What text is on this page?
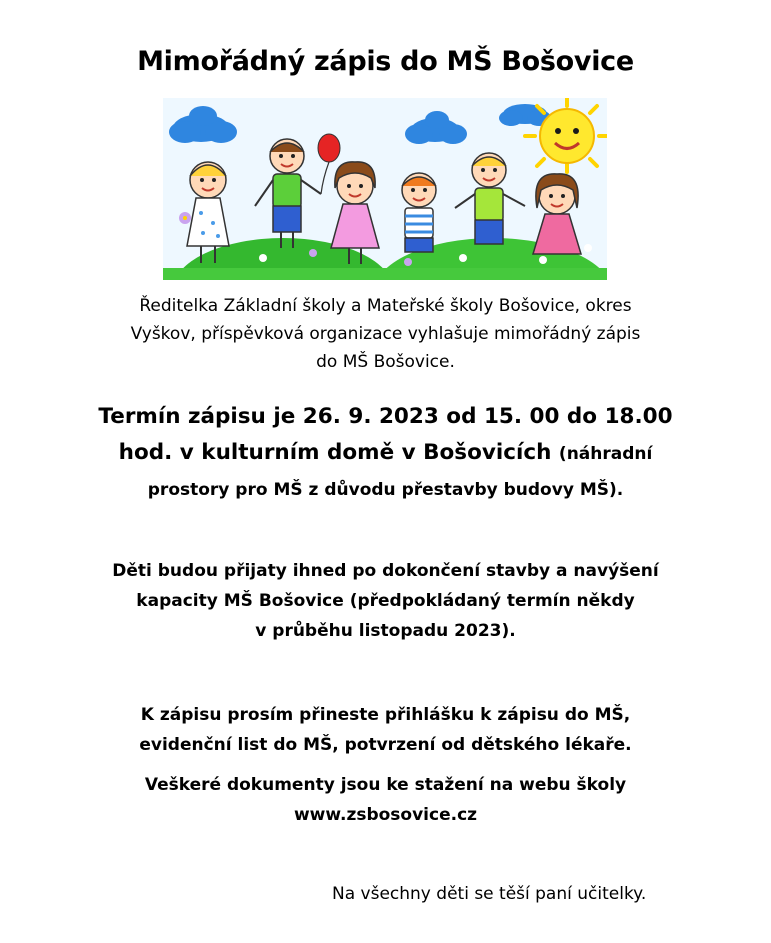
Mimořádný zápis do MŠ Bošovice
Ředitelka Základní školy a Mateřské školy Bošovice, okres
Vyškov, příspěvková organizace vyhlašuje mimořádný zápis
do MŠ Bošovice.
Termín zápisu je 26. 9. 2023 od 15. 00 do 18.00
hod. v kulturním domě v Bošovicích (náhradní
prostory pro MŠ z důvodu přestavby budovy MŠ).
Děti budou přijaty ihned po dokončení stavby a navýšení
kapacity MŠ Bošovice (předpokládaný termín někdy
v průběhu listopadu 2023).
K zápisu prosím přineste přihlášku k zápisu do MŠ,
evidenční list do MŠ, potvrzení od dětského lékaře.
Veškeré dokumenty jsou ke stažení na webu školy
www.zsbosovice.cz
Na všechny děti se těší paní učitelky.
